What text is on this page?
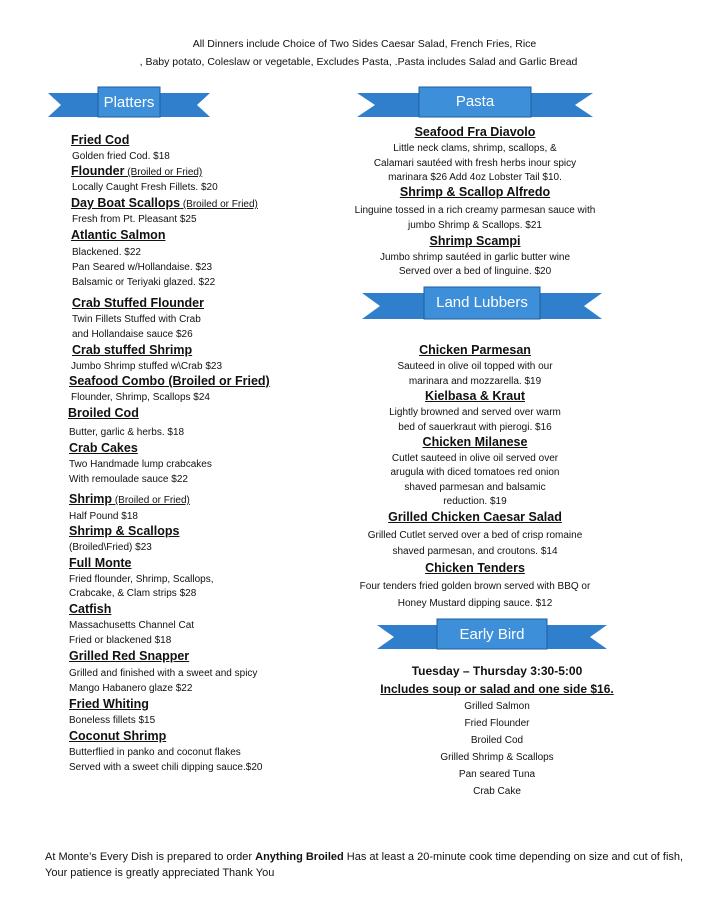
All Dinners include Choice of Two Sides Caesar Salad, French Fries, Rice
, Baby potato, Coleslaw or vegetable, Excludes Pasta, .Pasta includes Salad and Garlic Bread
Platters	Pasta
Land Lubbers
Early Bird
Fried Cod
Golden fried Cod. $18
Flounder (Broiled or Fried)
Locally Caught Fresh Fillets. $20
Day Boat Scallops (Broiled or Fried)
Fresh from Pt. Pleasant $25
Atlantic Salmon
Blackened. $22
Pan Seared w/Hollandaise. $23
Balsamic or Teriyaki glazed. $22
Crab Stuffed Flounder
Twin Fillets Stuffed with Crab
and Hollandaise sauce $26
Crab stuffed Shrimp
Jumbo Shrimp stuffed w\Crab $23
Seafood Combo (Broiled or Fried)
Flounder, Shrimp, Scallops $24
Broiled Cod
Butter, garlic & herbs. $18
Crab Cakes
Two Handmade lump crabcakes
With remoulade sauce $22
Shrimp (Broiled or Fried)
Half Pound $18
Shrimp & Scallops
(Broiled\Fried) $23
Full Monte
Fried flounder, Shrimp, Scallops,
Crabcake, & Clam strips $28
Catfish
Massachusetts Channel Cat
Fried or blackened $18
Grilled Red Snapper
Grilled and finished with a sweet and spicy
Mango Habanero glaze $22
Fried Whiting
Boneless fillets $15
Coconut Shrimp
Butterflied in panko and coconut flakes
Served with a sweet chili dipping sauce.$20
Seafood Fra Diavolo
Little neck clams, shrimp, scallops, &
Calamari sautéed with fresh herbs inour spicy
marinara $26 Add 4oz Lobster Tail $10.
Shrimp & Scallop Alfredo
Linguine tossed in a rich creamy parmesan sauce with
jumbo Shrimp & Scallops. $21
Shrimp Scampi
Jumbo shrimp sautéed in garlic butter wine
Served over a bed of linguine. $20
Chicken Parmesan
Sauteed in olive oil topped with our
marinara and mozzarella. $19
Kielbasa & Kraut
Lightly browned and served over warm
bed of sauerkraut with pierogi. $16
Chicken Milanese
Cutlet sauteed in olive oil served over
arugula with diced tomatoes red onion
shaved parmesan and balsamic
reduction. $19
Grilled Chicken Caesar Salad
Grilled Cutlet served over a bed of crisp romaine
shaved parmesan, and croutons. $14
Chicken Tenders
Four tenders fried golden brown served with BBQ or
Honey Mustard dipping sauce. $12
Tuesday – Thursday 3:30-5:00
Includes soup or salad and one side $16.
Grilled Salmon
Fried Flounder
Broiled Cod
Grilled Shrimp & Scallops
Pan seared Tuna
Crab Cake
At Monte’s Every Dish is prepared to order Anything Broiled Has at least a 20-minute cook time depending on size and cut of fish, Your patience is greatly appreciated Thank You
